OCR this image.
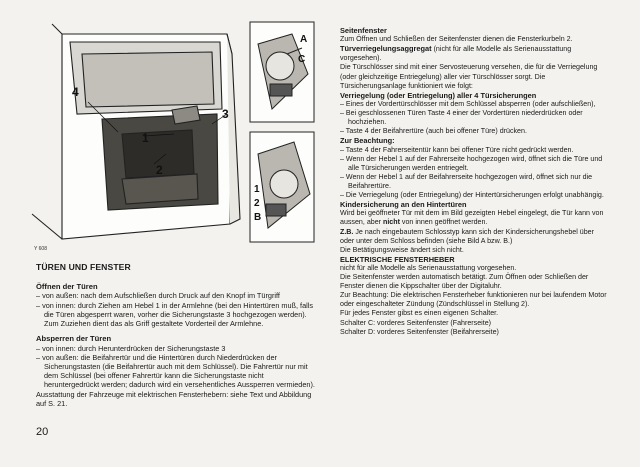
4
1
2
3
A
C
1
2
B
Y 608
TÜREN UND FENSTER

Öffnen der Türen

– von außen: nach dem Aufschließen durch Druck auf den Knopf im Türgriff
– von innen: durch Ziehen am Hebel 1 in der Armlehne (bei den Hintertüren muß, falls die Türen abgesperrt waren, vorher die Sicherungstaste 3 hochgezogen werden). Zum Zuziehen dient das als Griff gestaltete Vorderteil der Armlehne.

Absperren der Türen

– von innen: durch Herunterdrücken der Sicherungstaste 3
– von außen: die Beifahrertür und die Hintertüren durch Niederdrücken der Sicherungstasten (die Beifahrertür auch mit dem Schlüssel). Die Fahrertür nur mit dem Schlüssel (bei offener Fahrertür kann die Sicherungstaste nicht heruntergedrückt werden; dadurch wird ein versehentliches Aussperren vermieden).

Ausstattung der Fahrzeuge mit elektrischen Fensterhebern: siehe Text und Abbildung auf S. 21.

20

Seitenfenster

Zum Öffnen und Schließen der Seitenfenster dienen die Fensterkurbeln 2.

Türverriegelungsaggregat (nicht für alle Modelle als Serienausstattung vorgesehen).

Die Türschlösser sind mit einer Servosteuerung versehen, die für die Verriegelung (oder gleichzeitige Entriegelung) aller vier Türschlösser sorgt. Die Türsicherungsanlage funktioniert wie folgt:

Verriegelung (oder Entriegelung) aller 4 Türsicherungen

– Eines der Vordertürschlösser mit dem Schlüssel absperren (oder aufschließen),
– Bei geschlossenen Türen Taste 4 einer der Vordertüren niederdrücken oder hochziehen.
– Taste 4 der Beifahrertüre (auch bei offener Türe) drücken.

Zur Beachtung:

– Taste 4 der Fahrerseitentür kann bei offener Türe nicht gedrückt werden.
– Wenn der Hebel 1 auf der Fahrerseite hochgezogen wird, öffnet sich die Türe und alle Türsicherungen werden entriegelt.
– Wenn der Hebel 1 auf der Beifahrerseite hochgezogen wird, öffnet sich nur die Beifahrertüre.
– Die Verriegelung (oder Entriegelung) der Hintertürsicherungen erfolgt unabhängig.

Kindersicherung an den Hintertüren

Wird bei geöffneter Tür mit dem im Bild gezeigten Hebel eingelegt, die Tür kann von aussen, aber nicht von innen geöffnet werden.

Z.B. Je nach eingebautem Schlosstyp kann sich der Kindersicherungshebel über oder unter dem Schloss befinden (siehe Bild A bzw. B.)

Die Betätigungsweise ändert sich nicht.

ELEKTRISCHE FENSTERHEBER

nicht für alle Modelle als Serienausstattung vorgesehen.

Die Seitenfenster werden automatisch betätigt. Zum Öffnen oder Schließen der Fenster dienen die Kippschalter über der Digitaluhr.

Zur Beachtung: Die elektrischen Fensterheber funktionieren nur bei laufendem Motor oder eingeschalteter Zündung (Zündschlüssel in Stellung 2).

Für jedes Fenster gibst es einen eigenen Schalter.

Schalter C: vorderes Seitenfenster (Fahrerseite)

Schalter D: vorderes Seitenfenster (Beifahrerseite)
